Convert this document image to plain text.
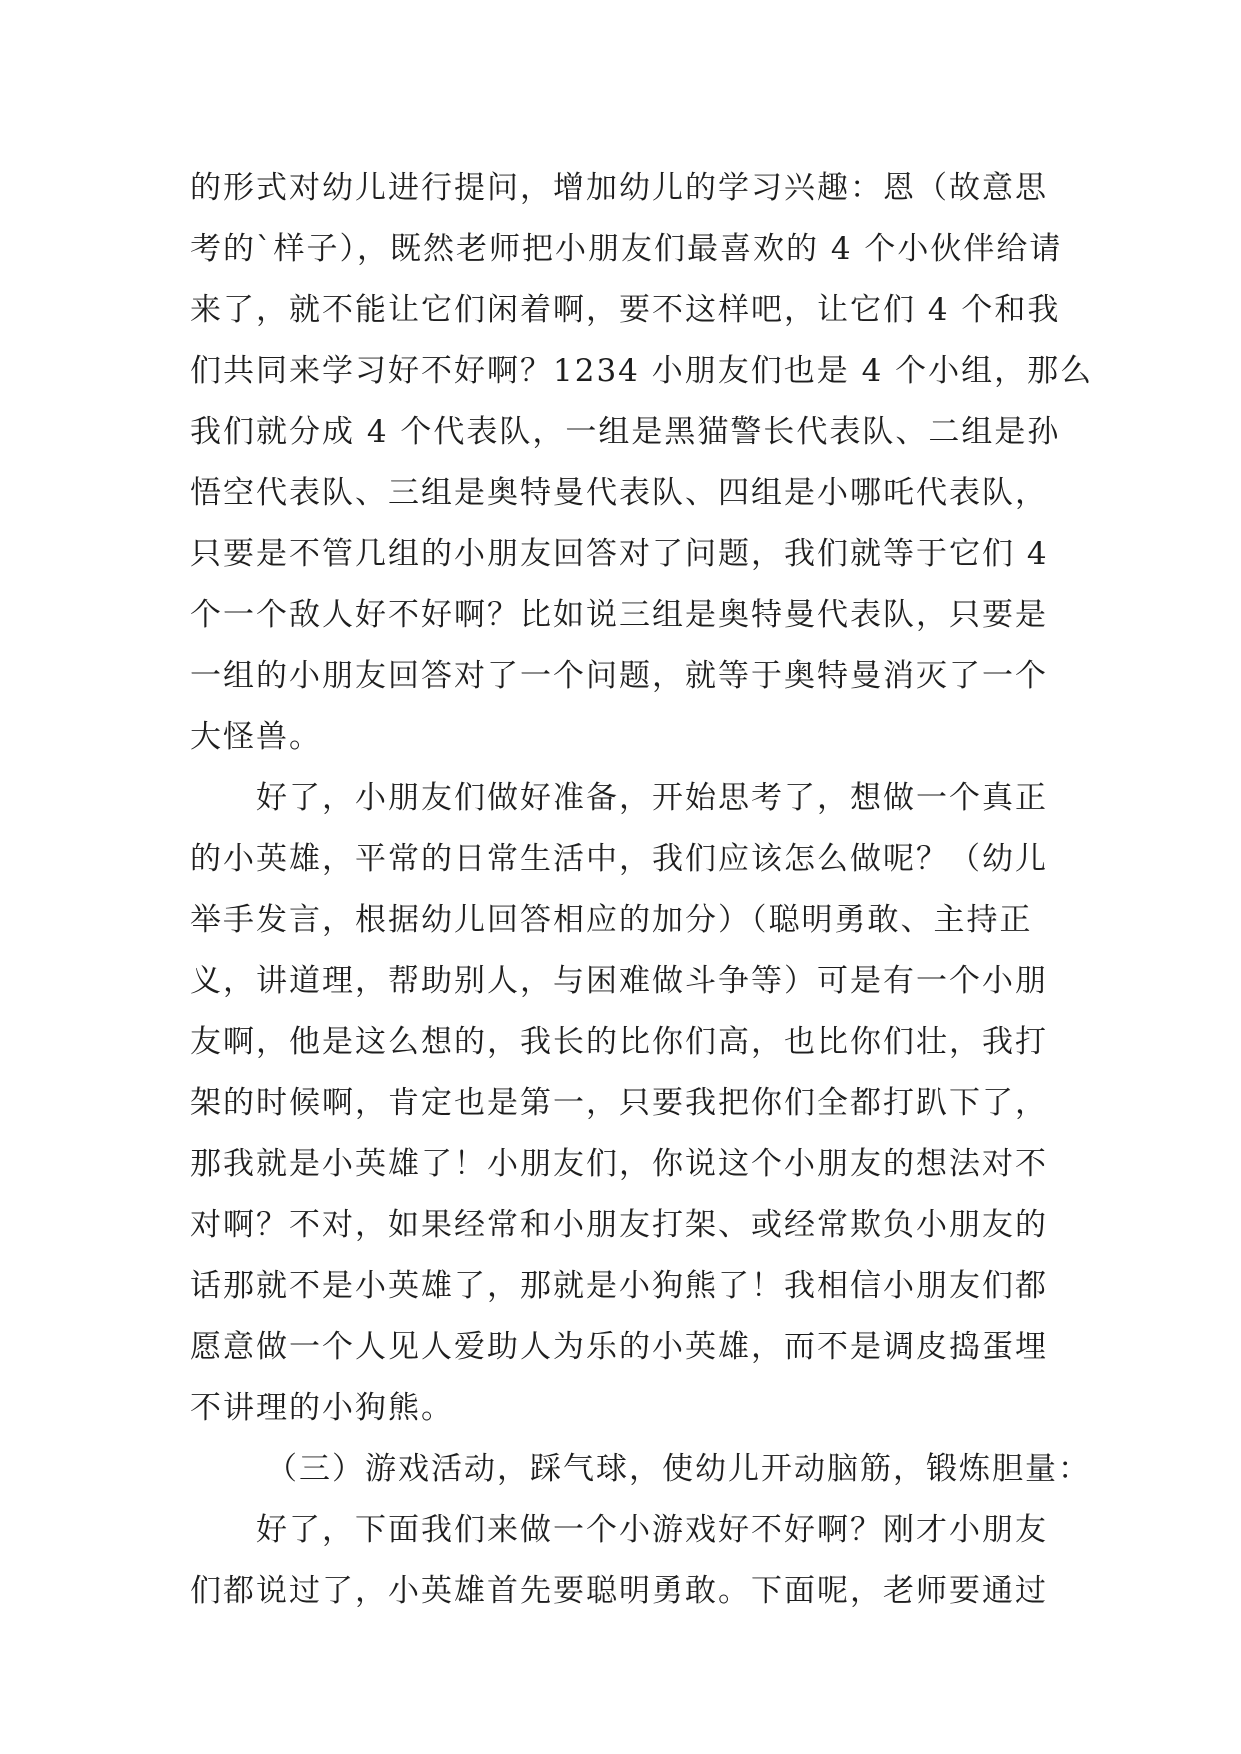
的形式对幼儿进行提问，增加幼儿的学习兴趣：恩（故意思
考的`样子），既然老师把小朋友们最喜欢的 4 个小伙伴给请
来了，就不能让它们闲着啊，要不这样吧，让它们 4 个和我
们共同来学习好不好啊？1234 小朋友们也是 4 个小组，那么
我们就分成 4 个代表队，一组是黑猫警长代表队、二组是孙
悟空代表队、三组是奥特曼代表队、四组是小哪吒代表队，
只要是不管几组的小朋友回答对了问题，我们就等于它们 4
个一个敌人好不好啊？比如说三组是奥特曼代表队，只要是
一组的小朋友回答对了一个问题，就等于奥特曼消灭了一个
大怪兽。
好了，小朋友们做好准备，开始思考了，想做一个真正
的小英雄，平常的日常生活中，我们应该怎么做呢？（幼儿
举手发言，根据幼儿回答相应的加分）（聪明勇敢、主持正
义，讲道理，帮助别人，与困难做斗争等）可是有一个小朋
友啊，他是这么想的，我长的比你们高，也比你们壮，我打
架的时候啊，肯定也是第一，只要我把你们全都打趴下了，
那我就是小英雄了！小朋友们，你说这个小朋友的想法对不
对啊？不对，如果经常和小朋友打架、或经常欺负小朋友的
话那就不是小英雄了，那就是小狗熊了！我相信小朋友们都
愿意做一个人见人爱助人为乐的小英雄，而不是调皮捣蛋埋
不讲理的小狗熊。
（三）游戏活动，踩气球，使幼儿开动脑筋，锻炼胆量：
好了，下面我们来做一个小游戏好不好啊？刚才小朋友
们都说过了，小英雄首先要聪明勇敢。下面呢，老师要通过
